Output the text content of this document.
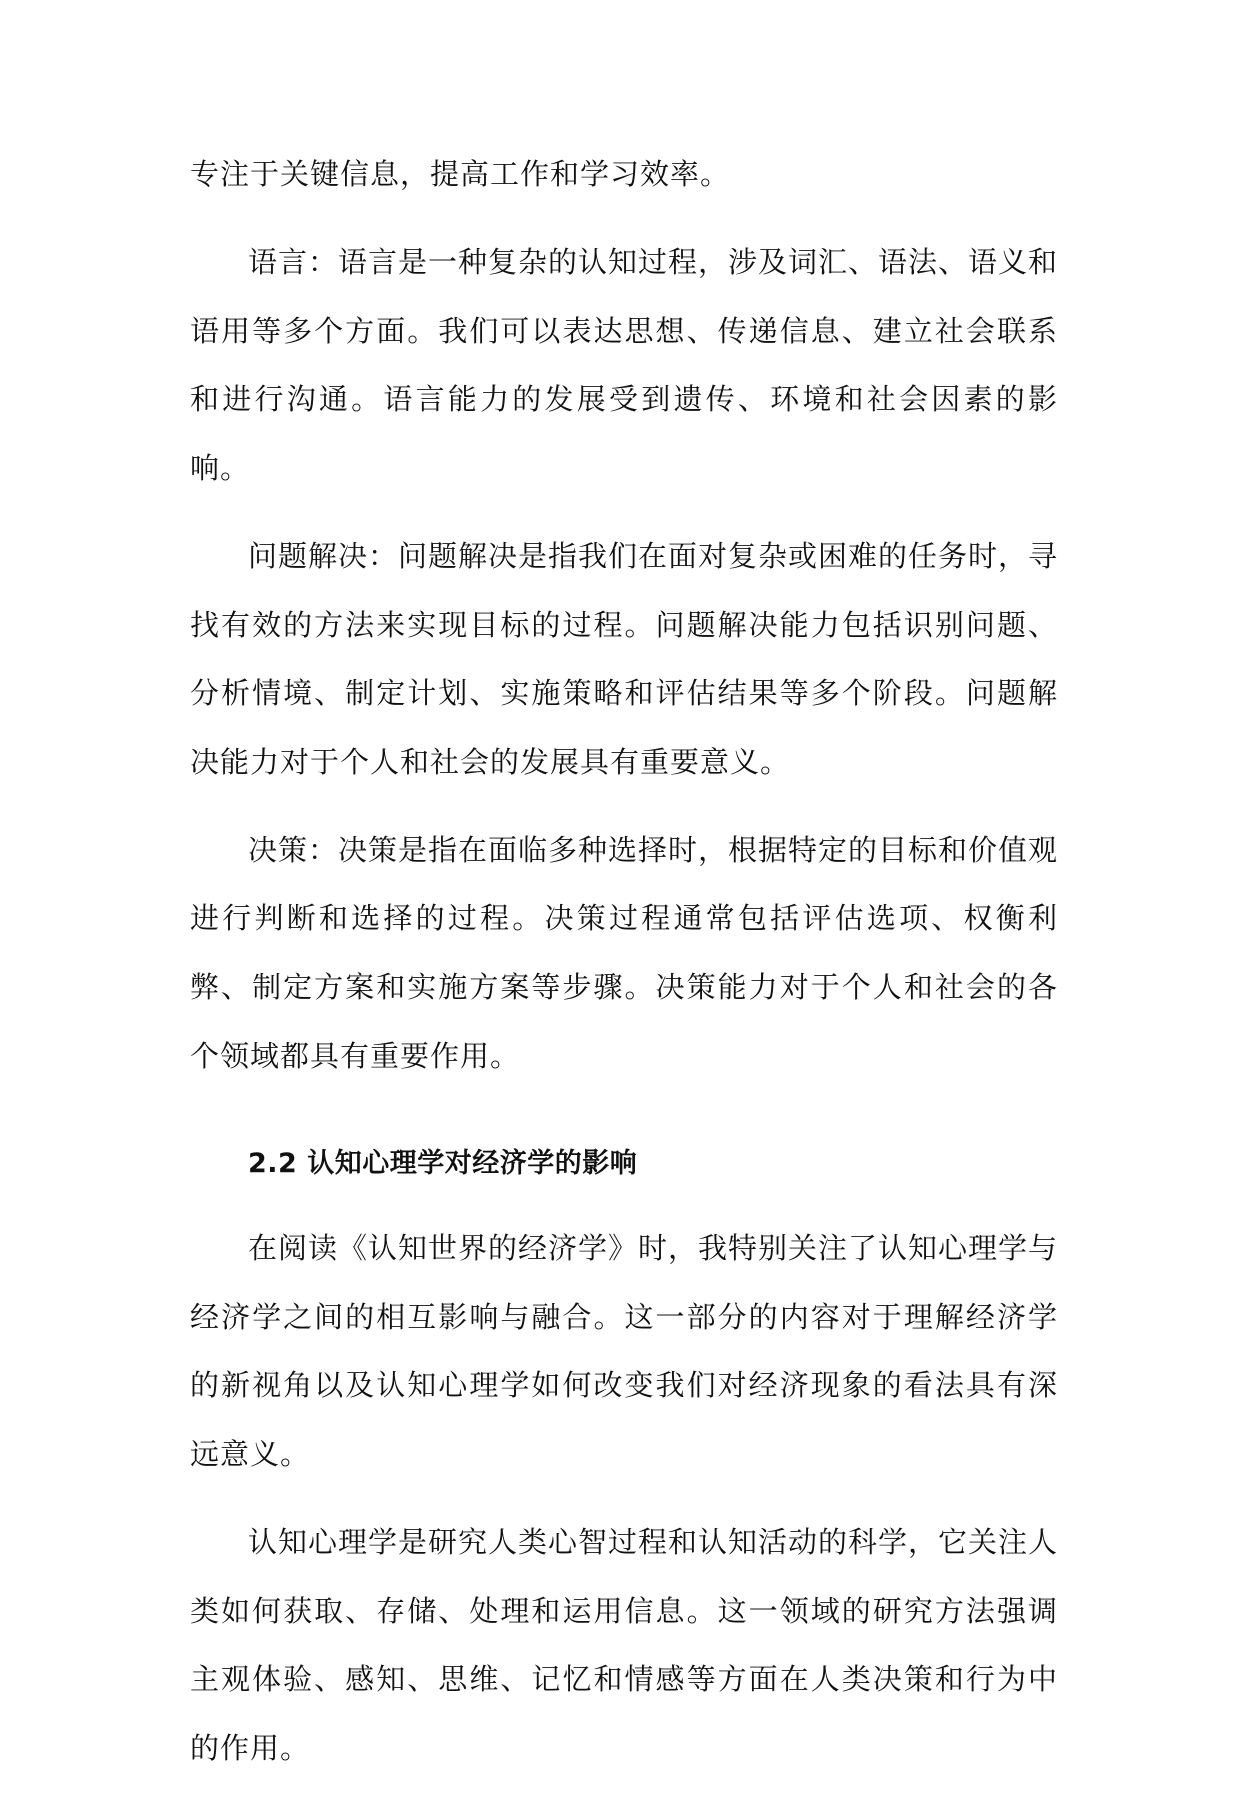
专注于关键信息，提高工作和学习效率。

语言：语言是一种复杂的认知过程，涉及词汇、语法、语义和语用等多个方面。我们可以表达思想、传递信息、建立社会联系和进行沟通。语言能力的发展受到遗传、环境和社会因素的影响。

问题解决：问题解决是指我们在面对复杂或困难的任务时，寻找有效的方法来实现目标的过程。问题解决能力包括识别问题、分析情境、制定计划、实施策略和评估结果等多个阶段。问题解决能力对于个人和社会的发展具有重要意义。

决策：决策是指在面临多种选择时，根据特定的目标和价值观进行判断和选择的过程。决策过程通常包括评估选项、权衡利弊、制定方案和实施方案等步骤。决策能力对于个人和社会的各个领域都具有重要作用。

2.2 认知心理学对经济学的影响

在阅读《认知世界的经济学》时，我特别关注了认知心理学与经济学之间的相互影响与融合。这一部分的内容对于理解经济学的新视角以及认知心理学如何改变我们对经济现象的看法具有深远意义。

认知心理学是研究人类心智过程和认知活动的科学，它关注人类如何获取、存储、处理和运用信息。这一领域的研究方法强调主观体验、感知、思维、记忆和情感等方面在人类决策和行为中的作用。
